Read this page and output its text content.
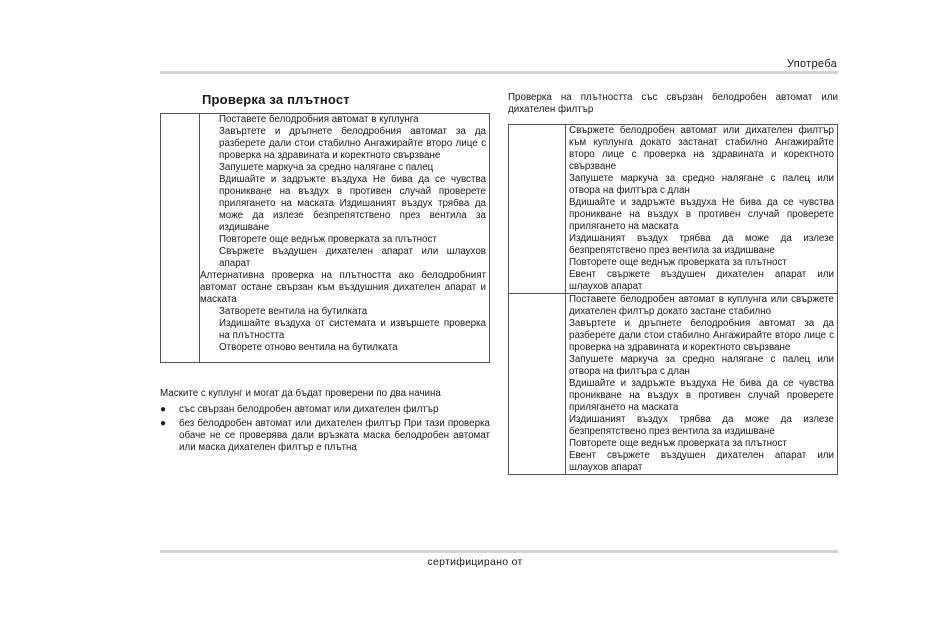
Употреба
Проверка за плътност
Поставете белодробния автомат в куплунга
Завъртете и дръпнете белодробния автомат за да разберете дали стои стабилно Ангажирайте второ лице с проверка на здравината и коректното свързване
Запушете маркуча за средно налягане с палец
Вдишайте и задръжте въздуха Не бива да се чувства проникване на въздух в противен случай проверете прилягането на маската Издишаният въздух трябва да може да излезе безпрепятствено през вентила за издишване
Повторете още веднъж проверката за плътност
Свържете въздушен дихателен апарат или шлаухов апарат
Алтернативна проверка на плътността ако белодробният автомат остане свързан към въздушния дихателен апарат и маската
Затворете вентила на бутилката
Издишайте въздуха от системата и извършете проверка на плътността
Отворете отново вентила на бутилката
Маските с куплунг и могат да бъдат проверени по два начина
● със свързан белодробен автомат или дихателен филтър
● без белодробен автомат или дихателен филтър При тази проверка обаче не се проверява дали връзката маска белодробен автомат или маска дихателен филтър е плътна
Проверка на плътността със свързан белодробен автомат или дихателен филтър
Свържете белодробен автомат или дихателен филтър към куплунга докато застанат стабилно Ангажирайте второ лице с проверка на здравината и коректното свързване
Запушете маркуча за средно налягане с палец или отвора на филтъра с длан
Вдишайте и задръжте въздуха Не бива да се чувства проникване на въздух в противен случай проверете прилягането на маската
Издишаният въздух трябва да може да излезе безпрепятствено през вентила за издишване
Повторете още веднъж проверката за плътност
Евент свържете въздушен дихателен апарат или шлаухов апарат
Поставете белодробен автомат в куплунга или свържете дихателен филтър докато застане стабилно
Завъртете и дръпнете белодробния автомат за да разберете дали стои стабилно Ангажирайте второ лице с проверка на здравината и коректното свързване
Запушете маркуча за средно налягане с палец или отвора на филтъра с длан
Вдишайте и задръжте въздуха Не бива да се чувства проникване на въздух в противен случай проверете прилягането на маската
Издишаният въздух трябва да може да излезе безпрепятствено през вентила за издишване
Повторете още веднъж проверката за плътност
Евент свържете въздушен дихателен апарат или шлаухов апарат
сертифицирано от
